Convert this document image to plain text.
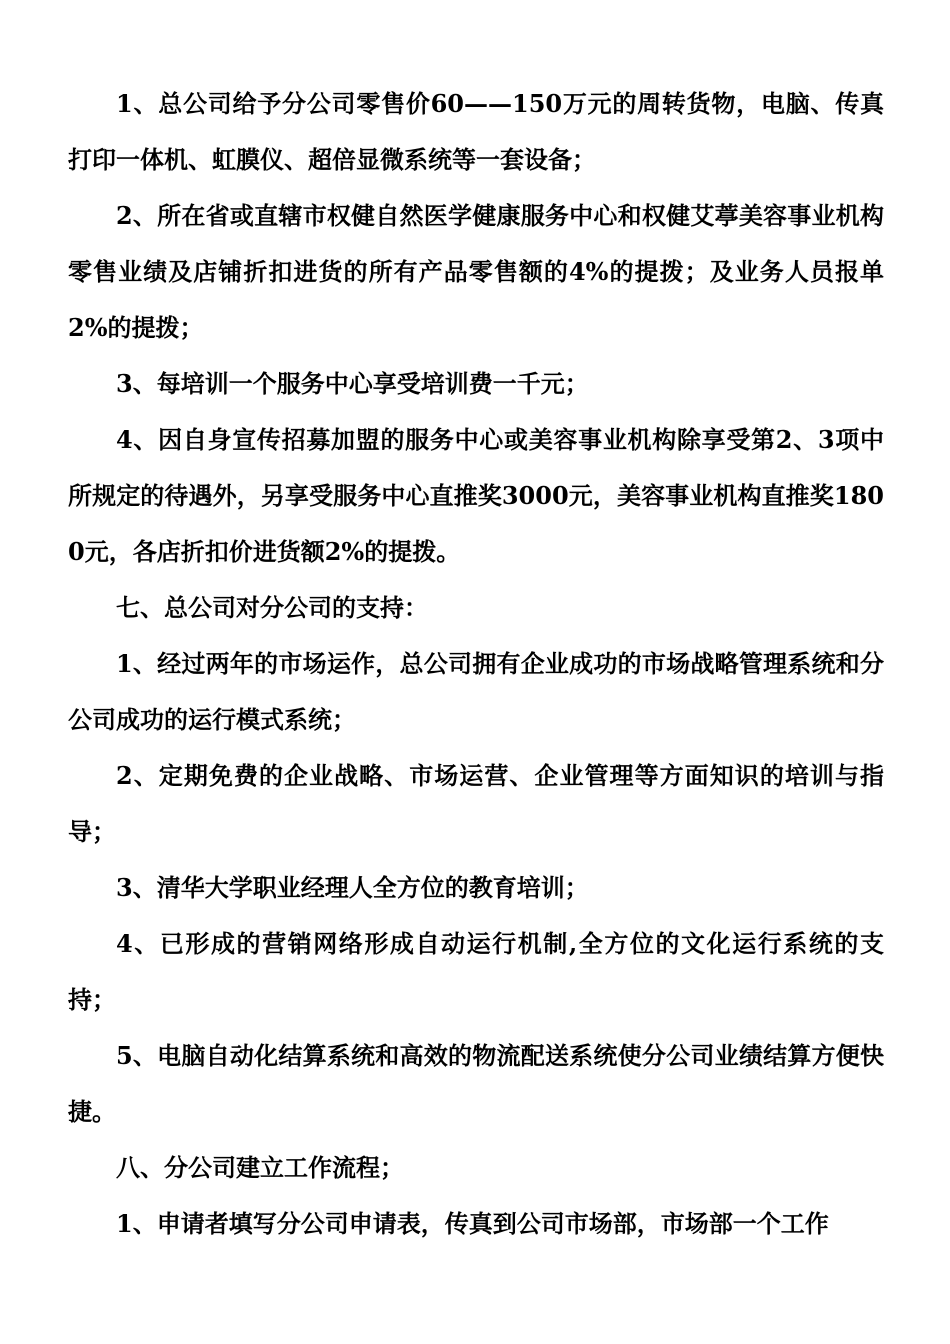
1、总公司给予分公司零售价60——150万元的周转货物，电脑、传真打印一体机、虹膜仪、超倍显微系统等一套设备；

2、所在省或直辖市权健自然医学健康服务中心和权健艾葶美容事业机构零售业绩及店铺折扣进货的所有产品零售额的4%的提拨；及业务人员报单2%的提拨；

3、每培训一个服务中心享受培训费一千元；

4、因自身宣传招募加盟的服务中心或美容事业机构除享受第2、3项中所规定的待遇外，另享受服务中心直推奖3000元，美容事业机构直推奖1800元，各店折扣价进货额2%的提拨。

七、总公司对分公司的支持：

1、经过两年的市场运作，总公司拥有企业成功的市场战略管理系统和分公司成功的运行模式系统；

2、定期免费的企业战略、市场运营、企业管理等方面知识的培训与指导；

3、清华大学职业经理人全方位的教育培训；

4、已形成的营销网络形成自动运行机制,全方位的文化运行系统的支持；

5、电脑自动化结算系统和高效的物流配送系统使分公司业绩结算方便快捷。

八、分公司建立工作流程；

1、申请者填写分公司申请表，传真到公司市场部，市场部一个工作
